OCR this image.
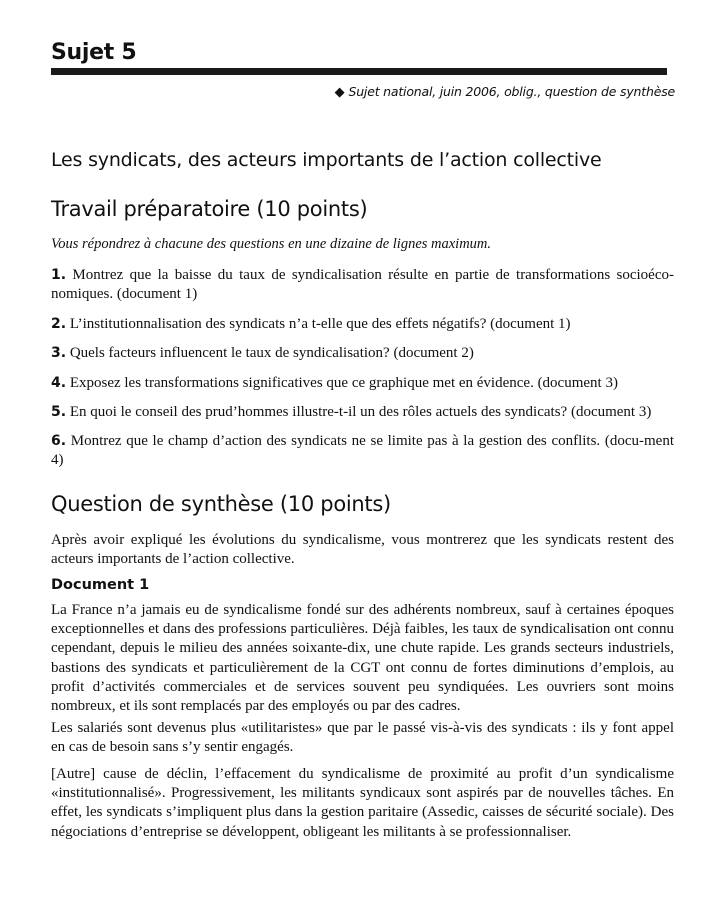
Sujet 5
◆ Sujet national, juin 2006, oblig., question de synthèse
Les syndicats, des acteurs importants de l’action collective
Travail préparatoire (10 points)

Vous répondrez à chacune des questions en une dizaine de lignes maximum.

1. Montrez que la baisse du taux de syndicalisation résulte en partie de transformations socioéco-nomiques. (document 1)

2. L’institutionnalisation des syndicats n’a t-elle que des effets négatifs? (document 1)

3. Quels facteurs influencent le taux de syndicalisation? (document 2)

4. Exposez les transformations significatives que ce graphique met en évidence. (document 3)

5. En quoi le conseil des prud’hommes illustre-t-il un des rôles actuels des syndicats? (document 3)

6. Montrez que le champ d’action des syndicats ne se limite pas à la gestion des conflits. (docu-ment 4)

Question de synthèse (10 points)

Après avoir expliqué les évolutions du syndicalisme, vous montrerez que les syndicats restent des acteurs importants de l’action collective.

Document 1

La France n’a jamais eu de syndicalisme fondé sur des adhérents nombreux, sauf à certaines époques exceptionnelles et dans des professions particulières. Déjà faibles, les taux de syndicalisation ont connu cependant, depuis le milieu des années soixante-dix, une chute rapide. Les grands secteurs industriels, bastions des syndicats et particulièrement de la CGT ont connu de fortes diminutions d’emplois, au profit d’activités commerciales et de services souvent peu syndiquées. Les ouvriers sont moins nombreux, et ils sont remplacés par des employés ou par des cadres.

Les salariés sont devenus plus «utilitaristes» que par le passé vis-à-vis des syndicats : ils y font appel en cas de besoin sans s’y sentir engagés.

[Autre] cause de déclin, l’effacement du syndicalisme de proximité au profit d’un syndicalisme «institutionnalisé». Progressivement, les militants syndicaux sont aspirés par de nouvelles tâches. En effet, les syndicats s’impliquent plus dans la gestion paritaire (Assedic, caisses de sécurité sociale). Des négociations d’entreprise se développent, obligeant les militants à se professionnaliser.
